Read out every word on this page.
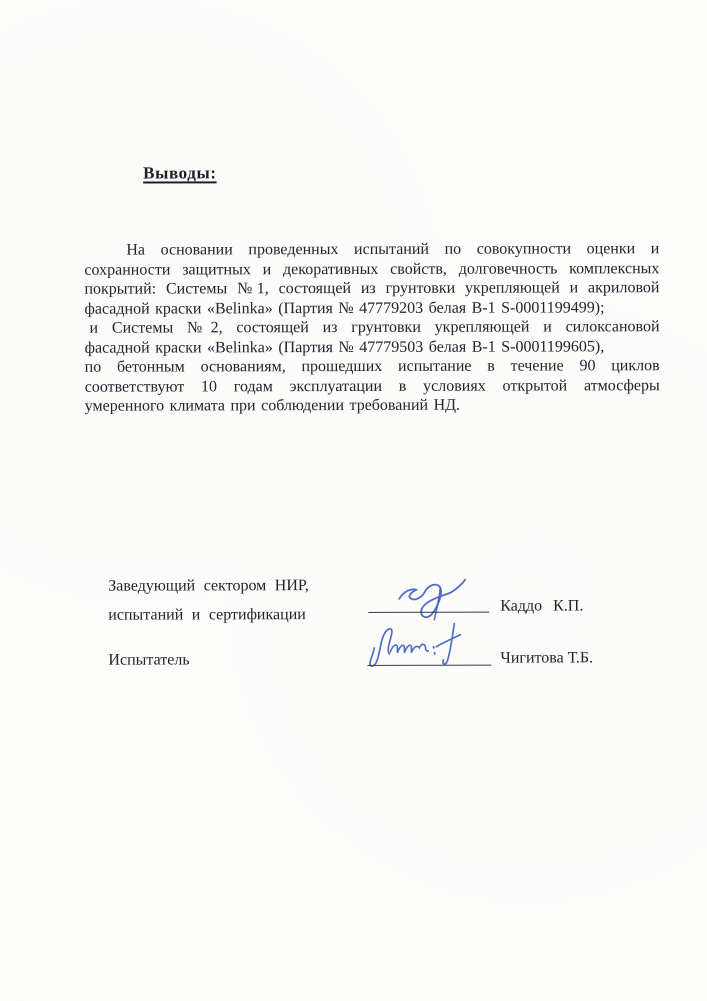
Выводы:
На основании проведенных испытаний по совокупности оценки и
сохранности защитных и декоративных свойств, долговечность комплексных
покрытий: Системы №1, состоящей из грунтовки укрепляющей и акриловой
фасадной краски «Belinka» (Партия № 47779203 белая В-1 S-0001199499);
и Системы №2, состоящей из грунтовки укрепляющей и силоксановой
фасадной краски «Belinka» (Партия № 47779503 белая В-1 S-0001199605),
по бетонным основаниям, прошедших испытание в течение 90 циклов
соответствуют 10 годам эксплуатации в условиях открытой атмосферы
умеренного климата при соблюдении требований НД.
Заведующий сектором НИР,
испытаний и сертификации
Каддо К.П.
Испытатель	Чигитова Т.Б.
